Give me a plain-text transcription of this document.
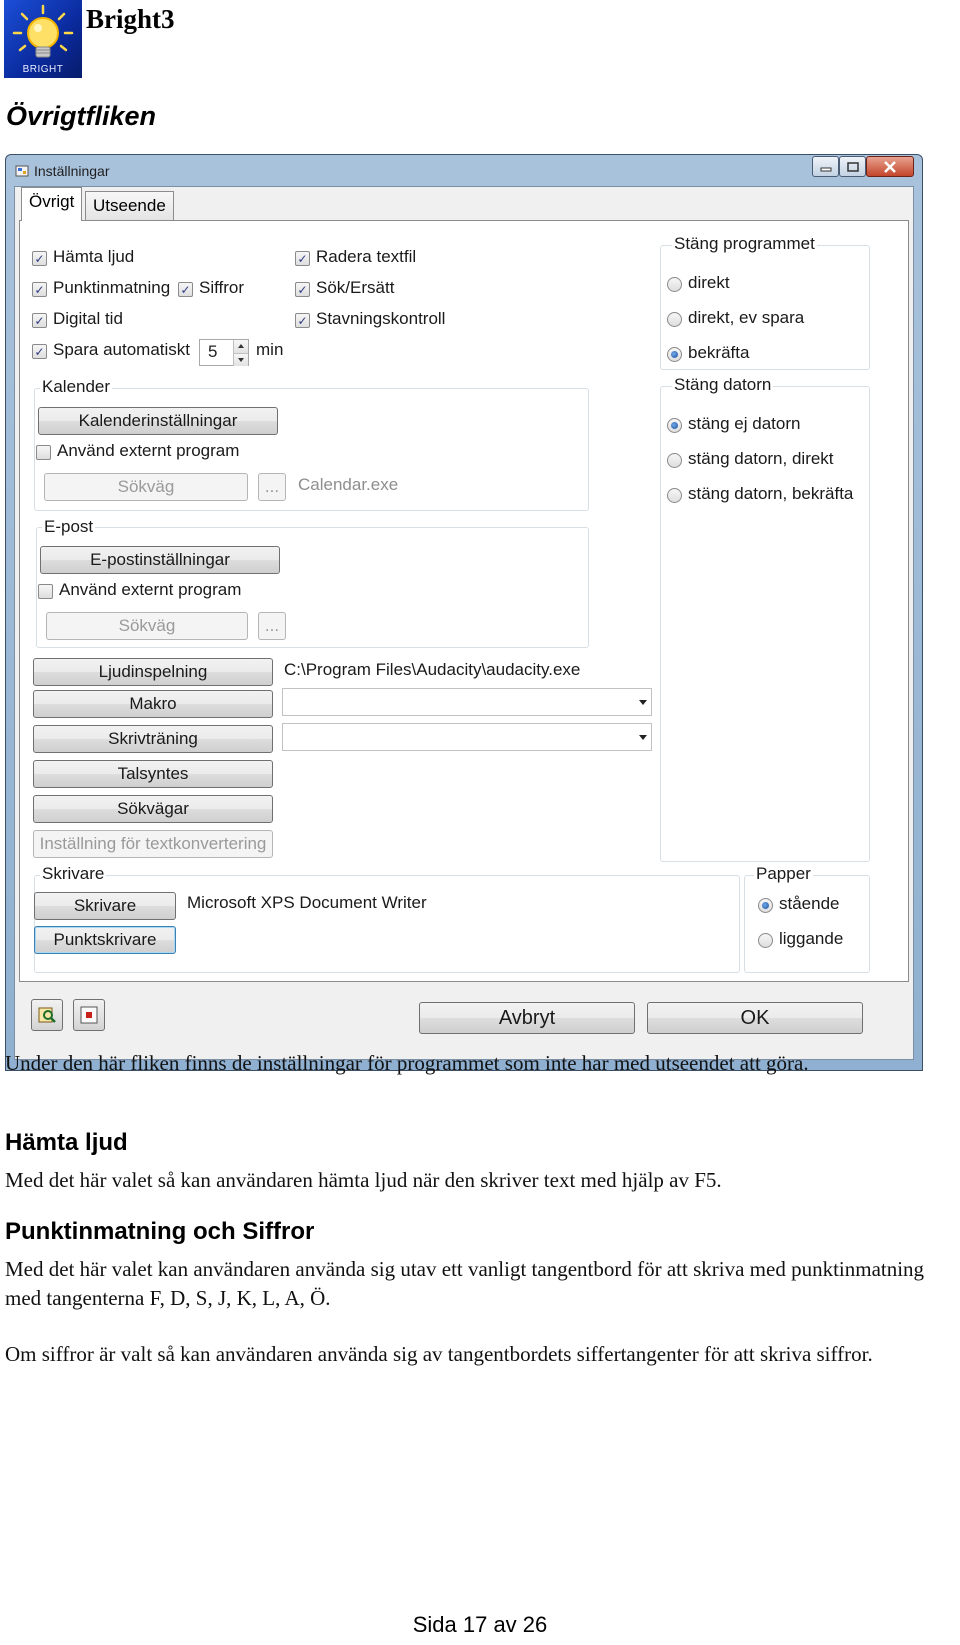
BRIGHT
Bright3
Övrigtfliken
Inställningar
Övrigt	Utseende
✓ Hämta ljud
✓ Punktinmatning ✓ Siffror
✓ Digital tid
✓ Spara automatiskt 5 min
✓ Radera textfil
✓ Sök/Ersätt
✓ Stavningskontroll
Stäng programmet
direkt
direkt, ev spara
bekräfta
Stäng datorn
stäng ej datorn
stäng datorn, direkt
stäng datorn, bekräfta
Kalender
Kalenderinställningar
Använd externt program
Sökväg	...	Calendar.exe
E-post
E-postinställningar
Använd externt program
Sökväg	...
Ljudinspelning	C:\Program Files\Audacity\audacity.exe
Makro
Skrivträning
Talsyntes
Sökvägar
Inställning för textkonvertering
Skrivare
Skrivare	Microsoft XPS Document Writer
Punktskrivare
Papper
stående
liggande
Avbryt	OK
Under den här fliken finns de inställningar för programmet som inte har med utseendet att göra.
Hämta ljud
Med det här valet så kan användaren hämta ljud när den skriver text med hjälp av F5.
Punktinmatning och Siffror
Med det här valet kan användaren använda sig utav ett vanligt tangentbord för att skriva med punktinmatning med tangenterna F, D, S, J, K, L, A, Ö.
Om siffror är valt så kan användaren använda sig av tangentbordets siffertangenter för att skriva siffror.
Sida 17 av 26
